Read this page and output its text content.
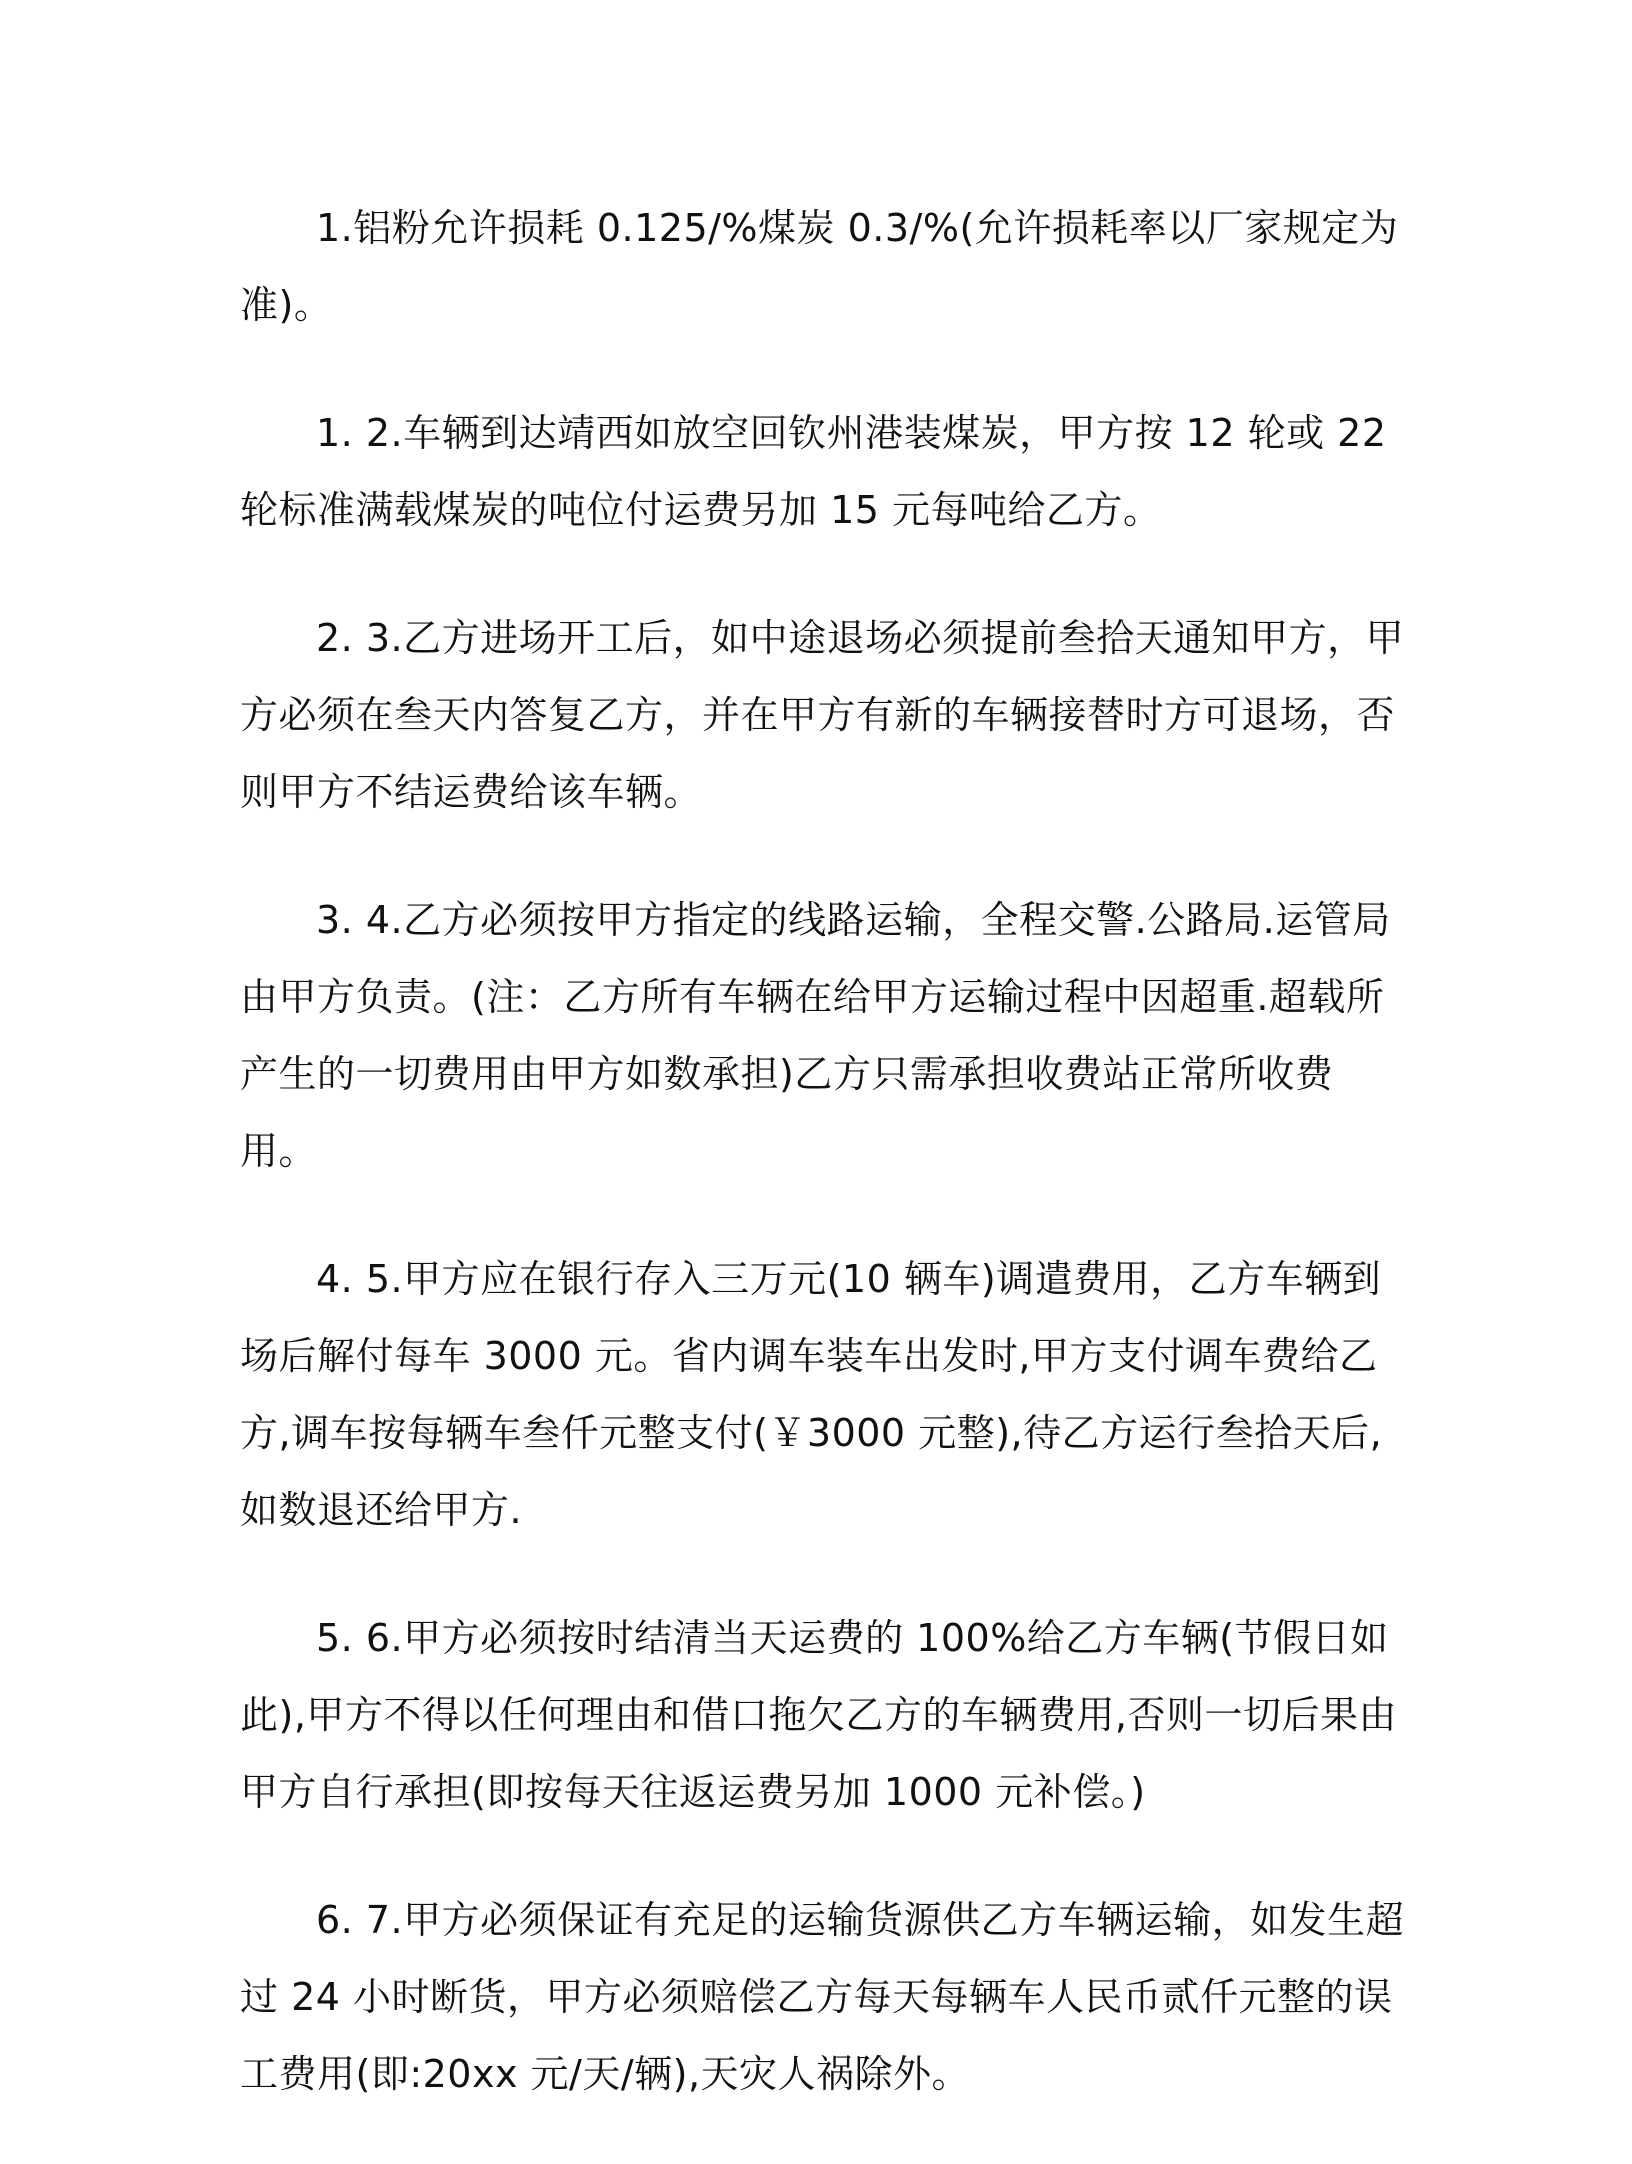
1.铝粉允许损耗 0.125/%煤炭 0.3/%(允许损耗率以厂家规定为准)。

1. 2.车辆到达靖西如放空回钦州港装煤炭，甲方按 12 轮或 22 轮标准满载煤炭的吨位付运费另加 15 元每吨给乙方。

2. 3.乙方进场开工后，如中途退场必须提前叁拾天通知甲方，甲方必须在叁天内答复乙方，并在甲方有新的车辆接替时方可退场，否则甲方不结运费给该车辆。

3. 4.乙方必须按甲方指定的线路运输，全程交警.公路局.运管局由甲方负责。(注：乙方所有车辆在给甲方运输过程中因超重.超载所产生的一切费用由甲方如数承担)乙方只需承担收费站正常所收费用。

4. 5.甲方应在银行存入三万元(10 辆车)调遣费用，乙方车辆到场后解付每车 3000 元。省内调车装车出发时,甲方支付调车费给乙方,调车按每辆车叁仟元整支付(￥3000 元整),待乙方运行叁拾天后,如数退还给甲方.

5. 6.甲方必须按时结清当天运费的 100%给乙方车辆(节假日如此),甲方不得以任何理由和借口拖欠乙方的车辆费用,否则一切后果由甲方自行承担(即按每天往返运费另加 1000 元补偿。)

6. 7.甲方必须保证有充足的运输货源供乙方车辆运输，如发生超过 24 小时断货，甲方必须赔偿乙方每天每辆车人民币贰仟元整的误工费用(即:20xx 元/天/辆),天灾人祸除外。
